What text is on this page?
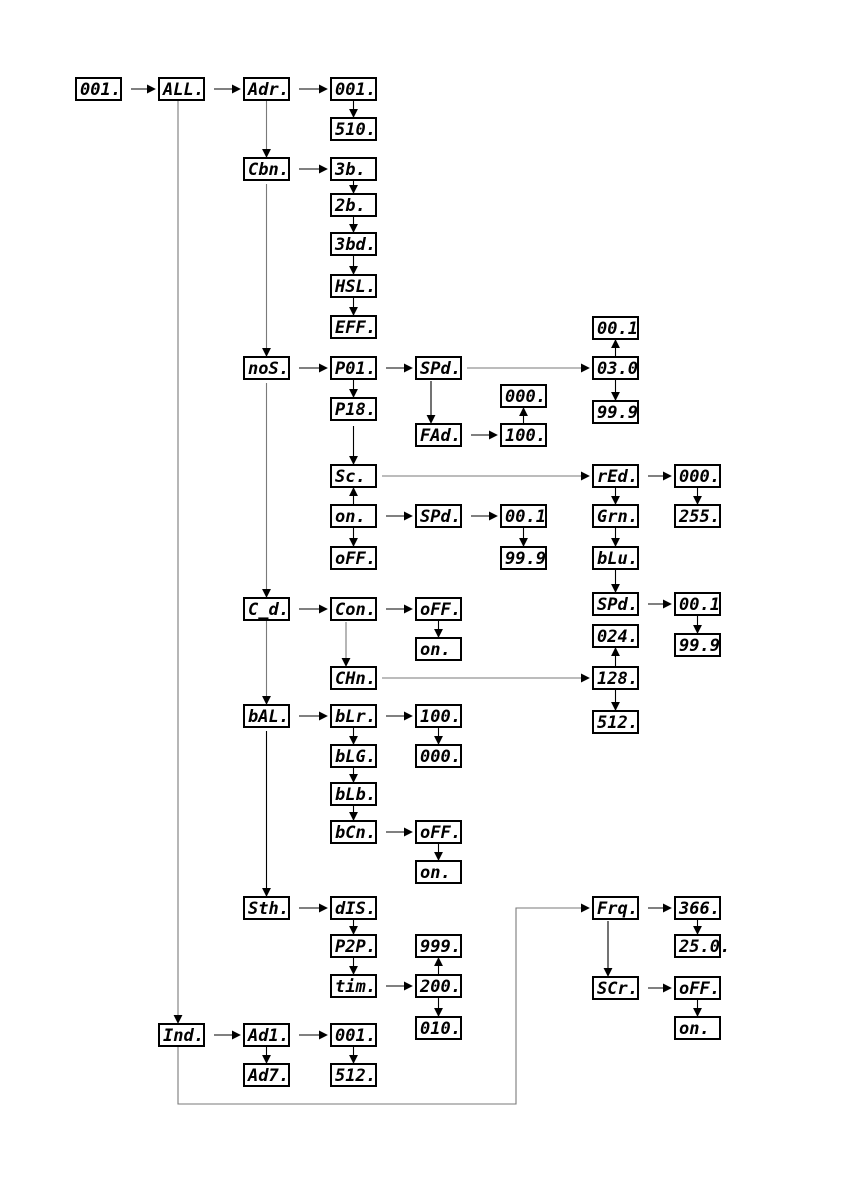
001. ALL.	Adr.	001.
510.
Cbn.	3b.
2b.
3bd.
HSL.
EFF.
noS.	P01.
P18.
SPd.
FAd.
000.
100.
00.1
03.0
99.9
Sc.
on.
oFF.
SPd.	00.1
99.9
rEd.
Grn.
bLu.
SPd.
000.
255.
00.1
99.9
024.
128.
512.
C_d.	Con.
CHn.
oFF.
on.
bAL.	bLr.
bLG.
bLb.
bCn.
100.
000.
oFF.
on.
Sth.	dIS.
P2P.
tim.
999.
200.
010.
Ind.	Ad1.
Ad7.
001.
512.
Frq.
SCr.
366.
25.0.
oFF.
on.
